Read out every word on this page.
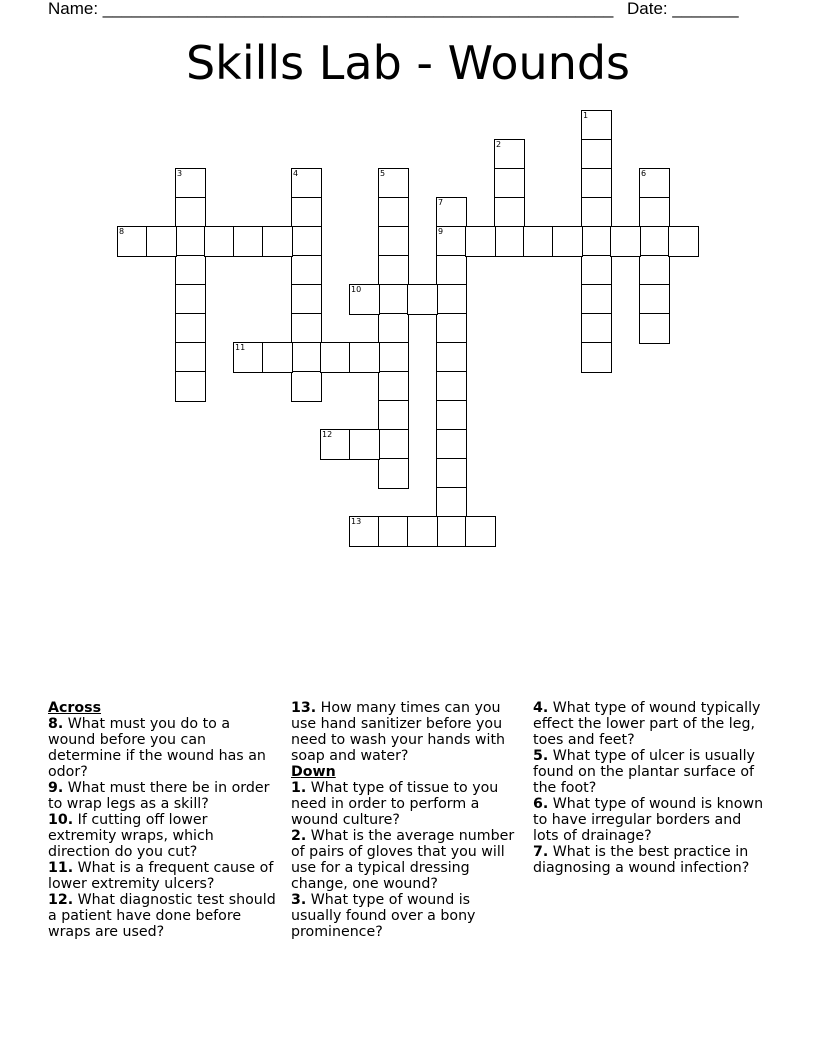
Name: ______________________________________________________ Date: _______
Skills Lab - Wounds
1
2
3	4	5	6
7
9
8
10
11
12
13
Across
8. What must you do to a wound before you can determine if the wound has an odor?
9. What must there be in order to wrap legs as a skill?
10. If cutting off lower extremity wraps, which direction do you cut?
11. What is a frequent cause of lower extremity ulcers?
12. What diagnostic test should a patient have done before wraps are used?
13. How many times can you use hand sanitizer before you need to wash your hands with soap and water?
Down
1. What type of tissue to you need in order to perform a wound culture?
2. What is the average number of pairs of gloves that you will use for a typical dressing change, one wound?
3. What type of wound is usually found over a bony prominence?
4. What type of wound typically effect the lower part of the leg, toes and feet?
5. What type of ulcer is usually found on the plantar surface of the foot?
6. What type of wound is known to have irregular borders and lots of drainage?
7. What is the best practice in diagnosing a wound infection?
